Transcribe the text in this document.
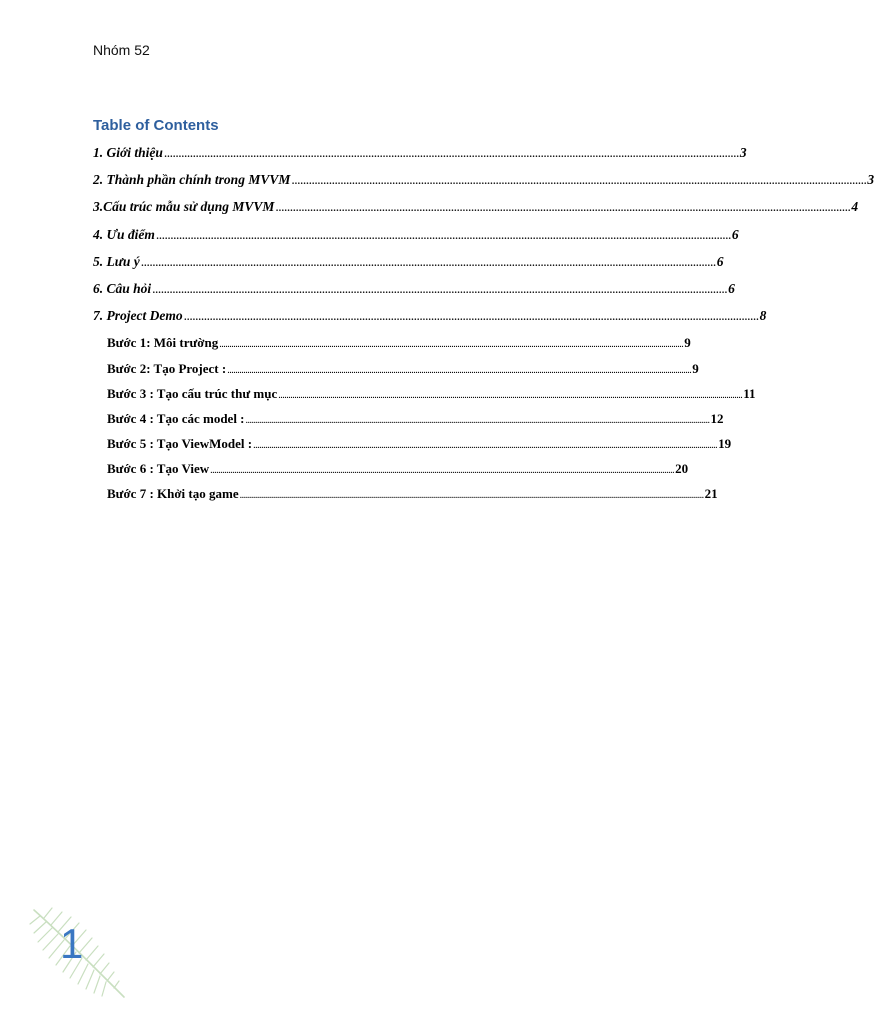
Nhóm 52
Table of Contents
1. Giới thiệu ........................................................................................................................................................................................................ 3
2. Thành phần chính trong MVVM ........................................................................................................................................................................................................ 3
3.Cấu trúc mẫu sử dụng MVVM ........................................................................................................................................................................................................ 4
4. Ưu điểm ........................................................................................................................................................................................................ 6
5. Lưu ý ........................................................................................................................................................................................................ 6
6. Câu hỏi ........................................................................................................................................................................................................ 6
7. Project Demo ........................................................................................................................................................................................................ 8
Bước 1: Môi trường ........................................................................................................................................................................................................................................ 9
Bước 2: Tạo Project : ........................................................................................................................................................................................................................................ 9
Bước 3 : Tạo cấu trúc thư mục ........................................................................................................................................................................................................................................ 11
Bước 4 : Tạo các model : ........................................................................................................................................................................................................................................ 12
Bước 5 : Tạo ViewModel : ........................................................................................................................................................................................................................................ 19
Bước 6 : Tạo View ........................................................................................................................................................................................................................................ 20
Bước 7 : Khởi tạo game ........................................................................................................................................................................................................................................ 21
1
